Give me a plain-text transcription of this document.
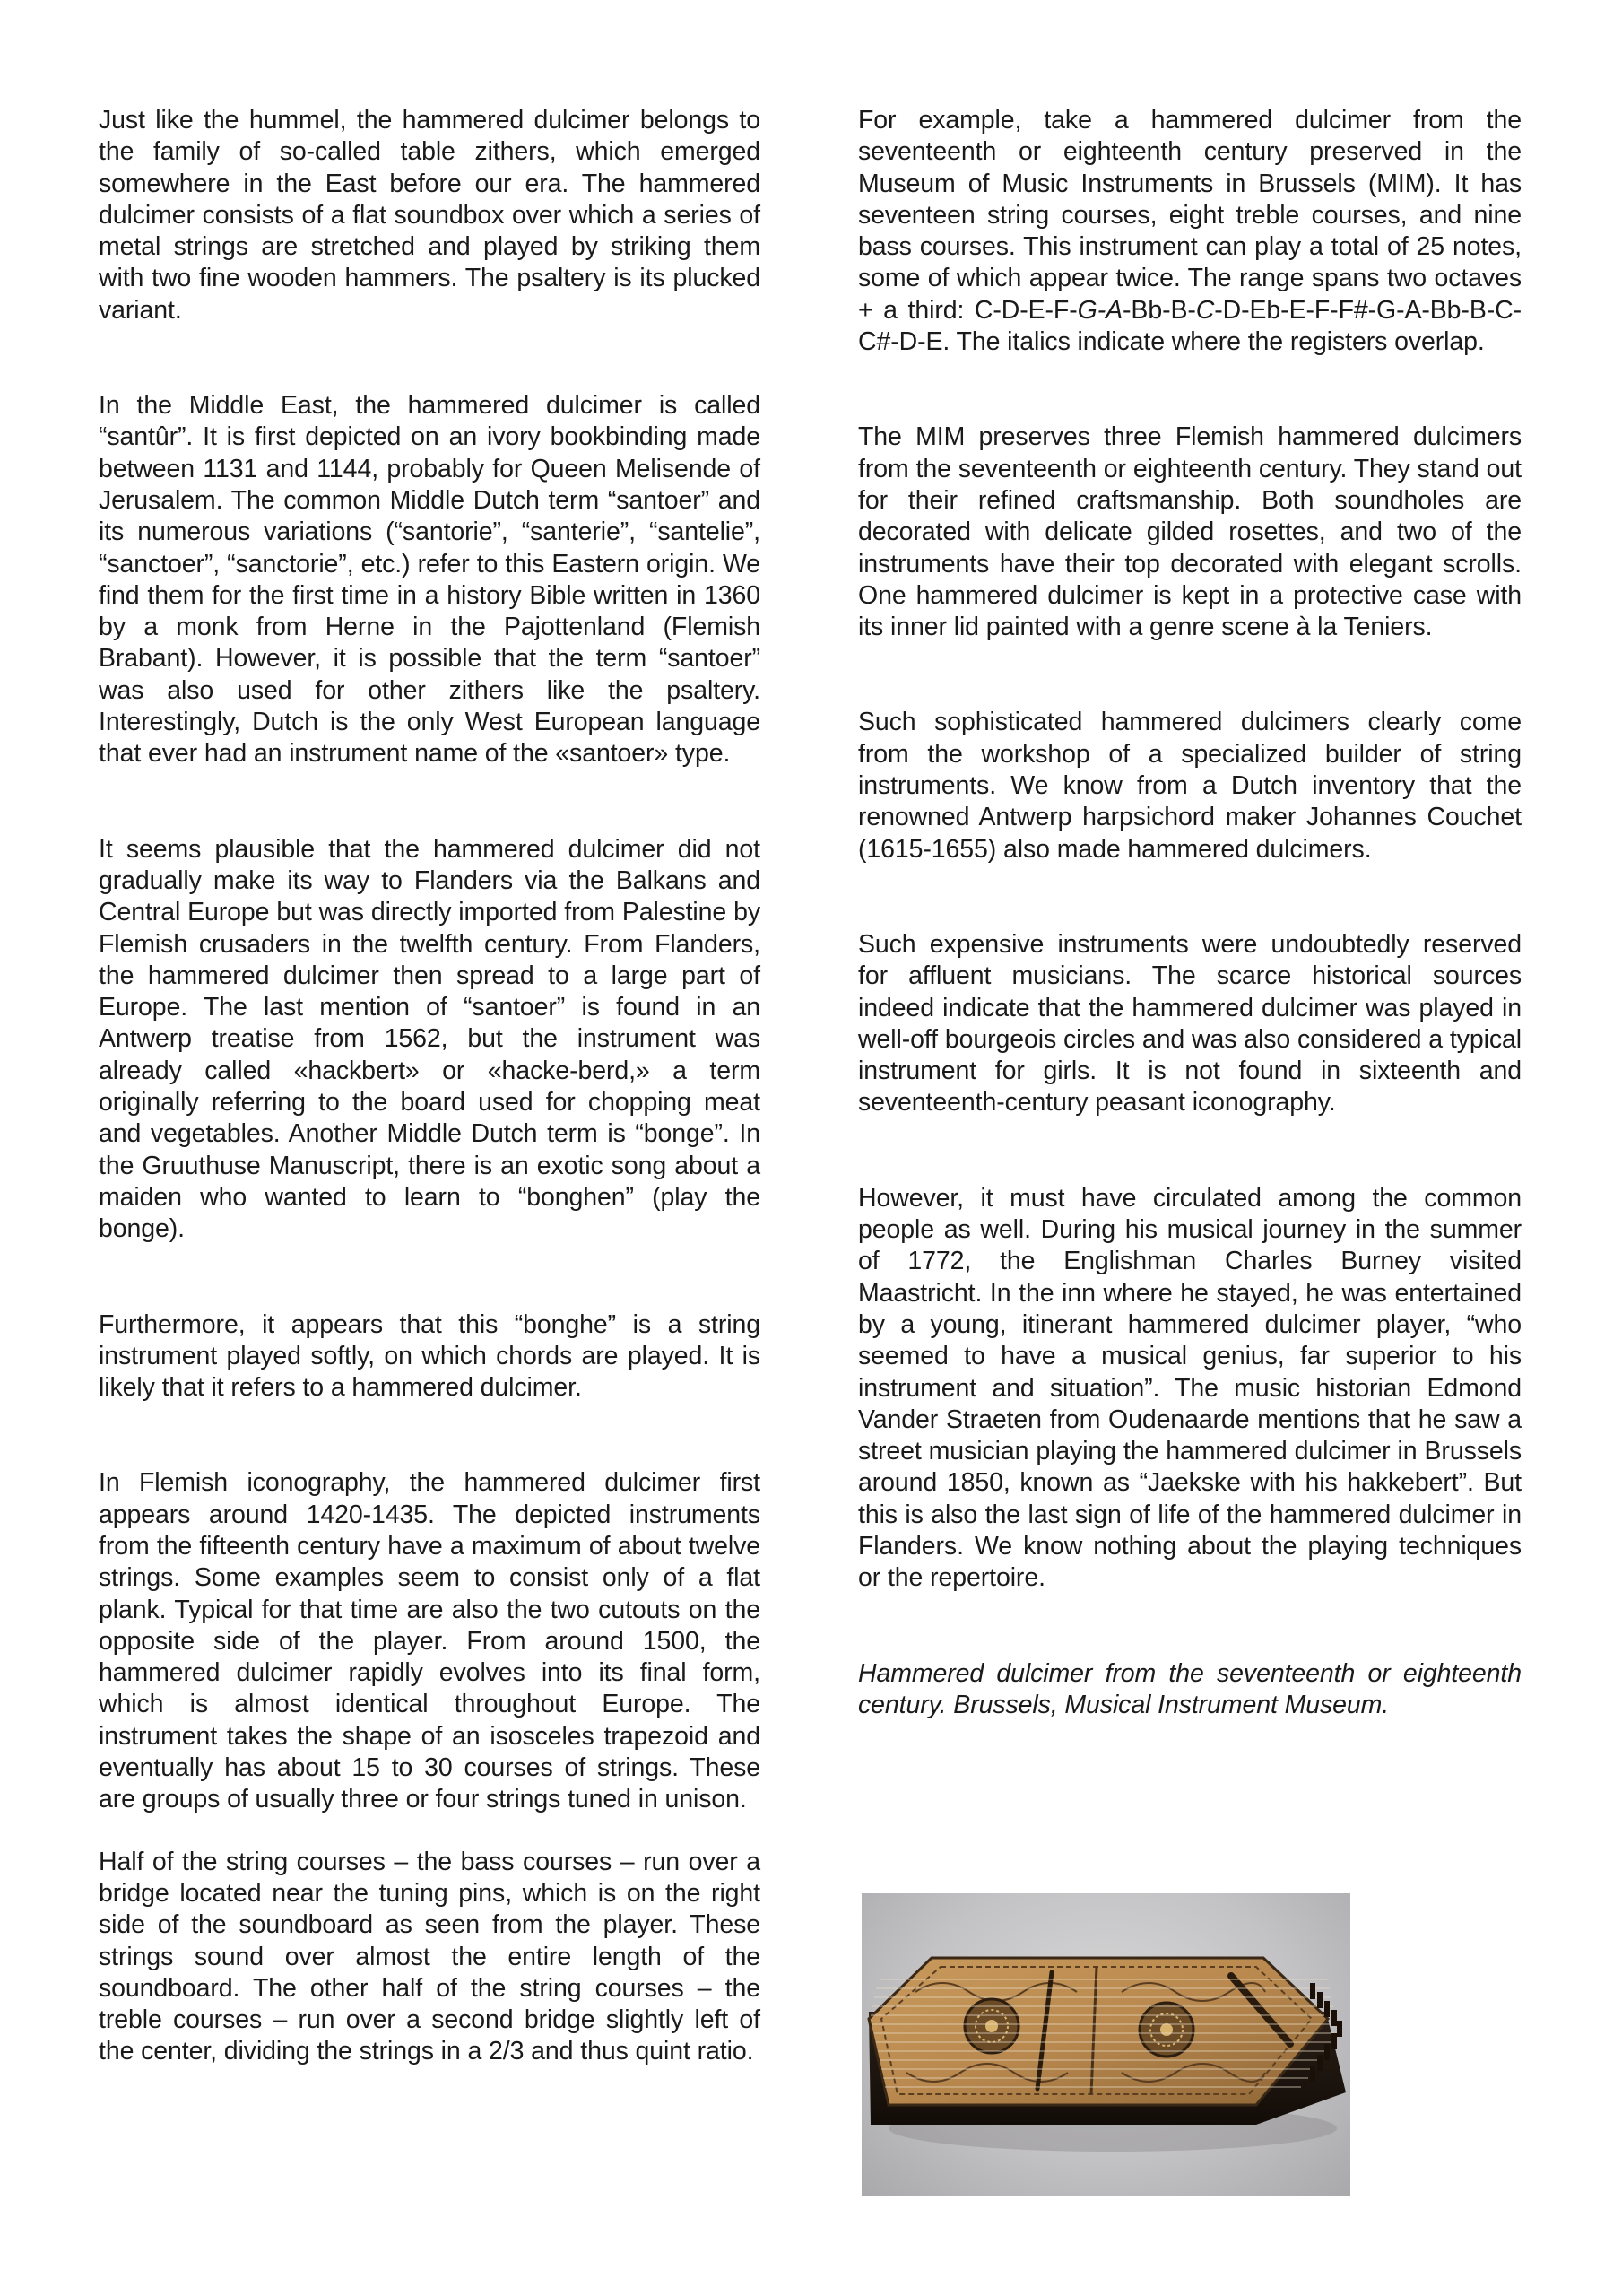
Just like the hummel, the hammered dulcimer belongs to the family of so-called table zithers, which emerged somewhere in the East before our era. The hammered dulcimer consists of a flat soundbox over which a series of metal strings are stretched and played by striking them with two fine wooden hammers. The psaltery is its plucked variant.

In the Middle East, the hammered dulcimer is called “santûr”. It is first depicted on an ivory bookbinding made between 1131 and 1144, probably for Queen Melisende of Jerusalem. The common Middle Dutch term “santoer” and its numerous variations (“santorie”, “santerie”, “santelie”, “sanctoer”, “sanctorie”, etc.) refer to this Eastern origin. We find them for the first time in a history Bible written in 1360 by a monk from Herne in the Pajottenland (Flemish Brabant). However, it is possible that the term “santoer” was also used for other zithers like the psaltery. Interestingly, Dutch is the only West European language that ever had an instrument name of the «santoer» type.

It seems plausible that the hammered dulcimer did not gradually make its way to Flanders via the Balkans and Central Europe but was directly imported from Palestine by Flemish crusaders in the twelfth century. From Flanders, the hammered dulcimer then spread to a large part of Europe. The last mention of “santoer” is found in an Antwerp treatise from 1562, but the instrument was already called «hackbert» or «hacke-berd,» a term originally referring to the board used for chopping meat and vegetables. Another Middle Dutch term is “bonge”. In the Gruuthuse Manuscript, there is an exotic song about a maiden who wanted to learn to “bonghen” (play the bonge).

Furthermore, it appears that this “bonghe” is a string instrument played softly, on which chords are played. It is likely that it refers to a hammered dulcimer.

In Flemish iconography, the hammered dulcimer first appears around 1420-1435. The depicted instruments from the fifteenth century have a maximum of about twelve strings. Some examples seem to consist only of a flat plank. Typical for that time are also the two cutouts on the opposite side of the player. From around 1500, the hammered dulcimer rapidly evolves into its final form, which is almost identical throughout Europe. The instrument takes the shape of an isosceles trapezoid and eventually has about 15 to 30 courses of strings. These are groups of usually three or four strings tuned in unison.

Half of the string courses – the bass courses – run over a bridge located near the tuning pins, which is on the right side of the soundboard as seen from the player. These strings sound over almost the entire length of the soundboard. The other half of the string courses – the treble courses – run over a second bridge slightly left of the center, dividing the strings in a 2/3 and thus quint ratio.

For example, take a hammered dulcimer from the seventeenth or eighteenth century preserved in the Museum of Music Instruments in Brussels (MIM). It has seventeen string courses, eight treble courses, and nine bass courses. This instrument can play a total of 25 notes, some of which appear twice. The range spans two octaves + a third: C-D-E-F-G-A-Bb-B-C-D-Eb-E-F-F#-G-A-Bb-B-C-C#-D-E. The italics indicate where the registers overlap.

The MIM preserves three Flemish hammered dulcimers from the seventeenth or eighteenth century. They stand out for their refined craftsmanship. Both soundholes are decorated with delicate gilded rosettes, and two of the instruments have their top decorated with elegant scrolls. One hammered dulcimer is kept in a protective case with its inner lid painted with a genre scene à la Teniers.

Such sophisticated hammered dulcimers clearly come from the workshop of a specialized builder of string instruments. We know from a Dutch inventory that the renowned Antwerp harpsichord maker Johannes Couchet (1615-1655) also made hammered dulcimers.

Such expensive instruments were undoubtedly reserved for affluent musicians. The scarce historical sources indeed indicate that the hammered dulcimer was played in well-off bourgeois circles and was also considered a typical instrument for girls. It is not found in sixteenth and seventeenth-century peasant iconography.

However, it must have circulated among the common people as well. During his musical journey in the summer of 1772, the Englishman Charles Burney visited Maastricht. In the inn where he stayed, he was entertained by a young, itinerant hammered dulcimer player, “who seemed to have a musical genius, far superior to his instrument and situation”. The music historian Edmond Vander Straeten from Oudenaarde mentions that he saw a street musician playing the hammered dulcimer in Brussels around 1850, known as “Jaekske with his hakkebert”. But this is also the last sign of life of the hammered dulcimer in Flanders. We know nothing about the playing techniques or the repertoire.

Hammered dulcimer from the seventeenth or eighteenth century. Brussels, Musical Instrument Museum.
